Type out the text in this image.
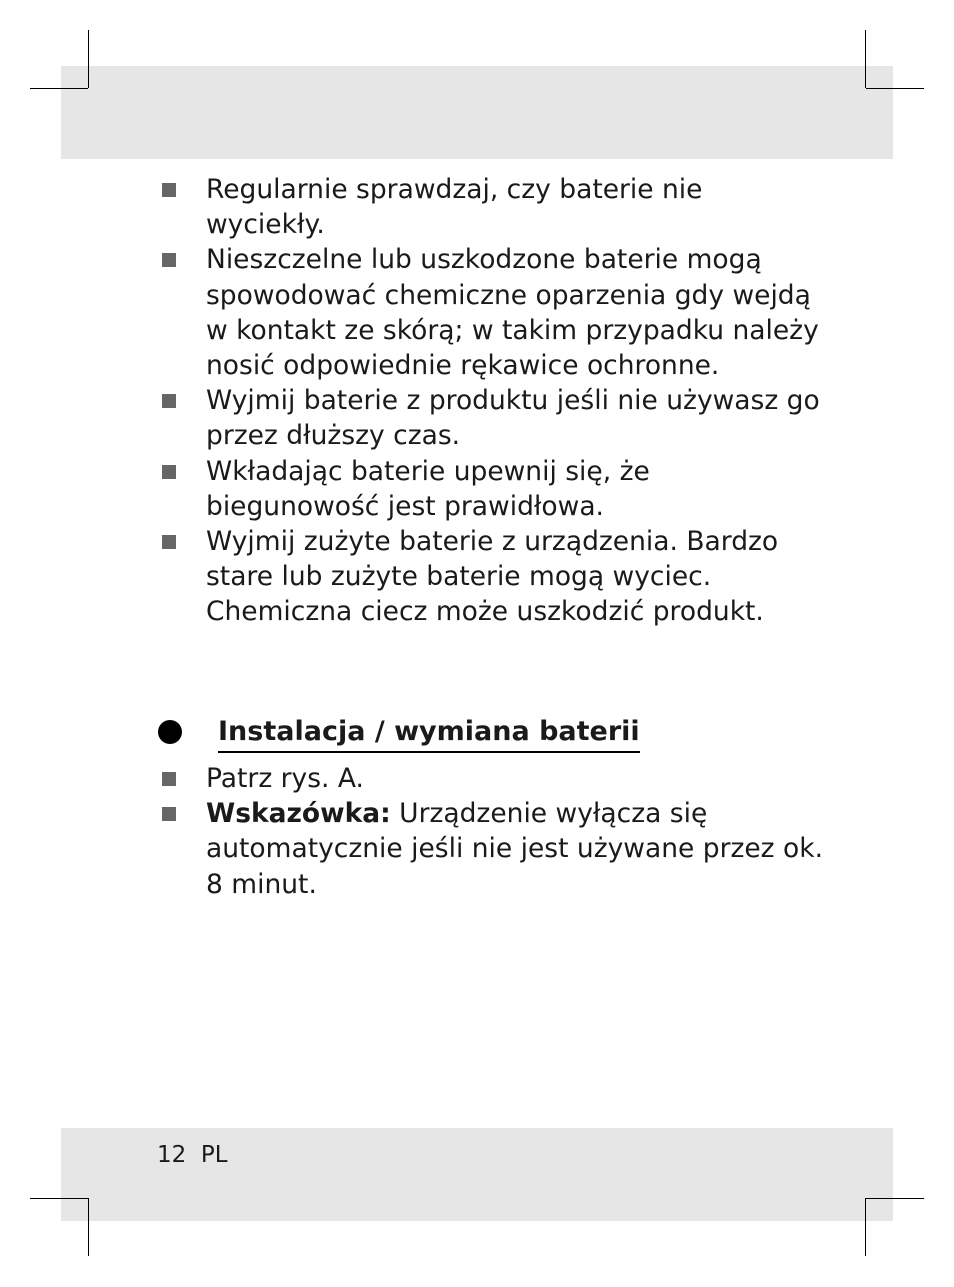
Regularnie sprawdzaj, czy baterie nie wyciekły.
Nieszczelne lub uszkodzone baterie mogą spowodować chemiczne oparzenia gdy wejdą w kontakt ze skórą; w takim przypadku należy nosić odpowiednie rękawice ochronne.
Wyjmij baterie z produktu jeśli nie używasz go przez dłuższy czas.
Wkładając baterie upewnij się, że biegunowość jest prawidłowa.
Wyjmij zużyte baterie z urządzenia. Bardzo stare lub zużyte baterie mogą wyciec. Chemiczna ciecz może uszkodzić produkt.
Instalacja / wymiana baterii
Patrz rys. A.
Wskazówka: Urządzenie wyłącza się automatycznie jeśli nie jest używane przez ok. 8 minut.
12 PL
